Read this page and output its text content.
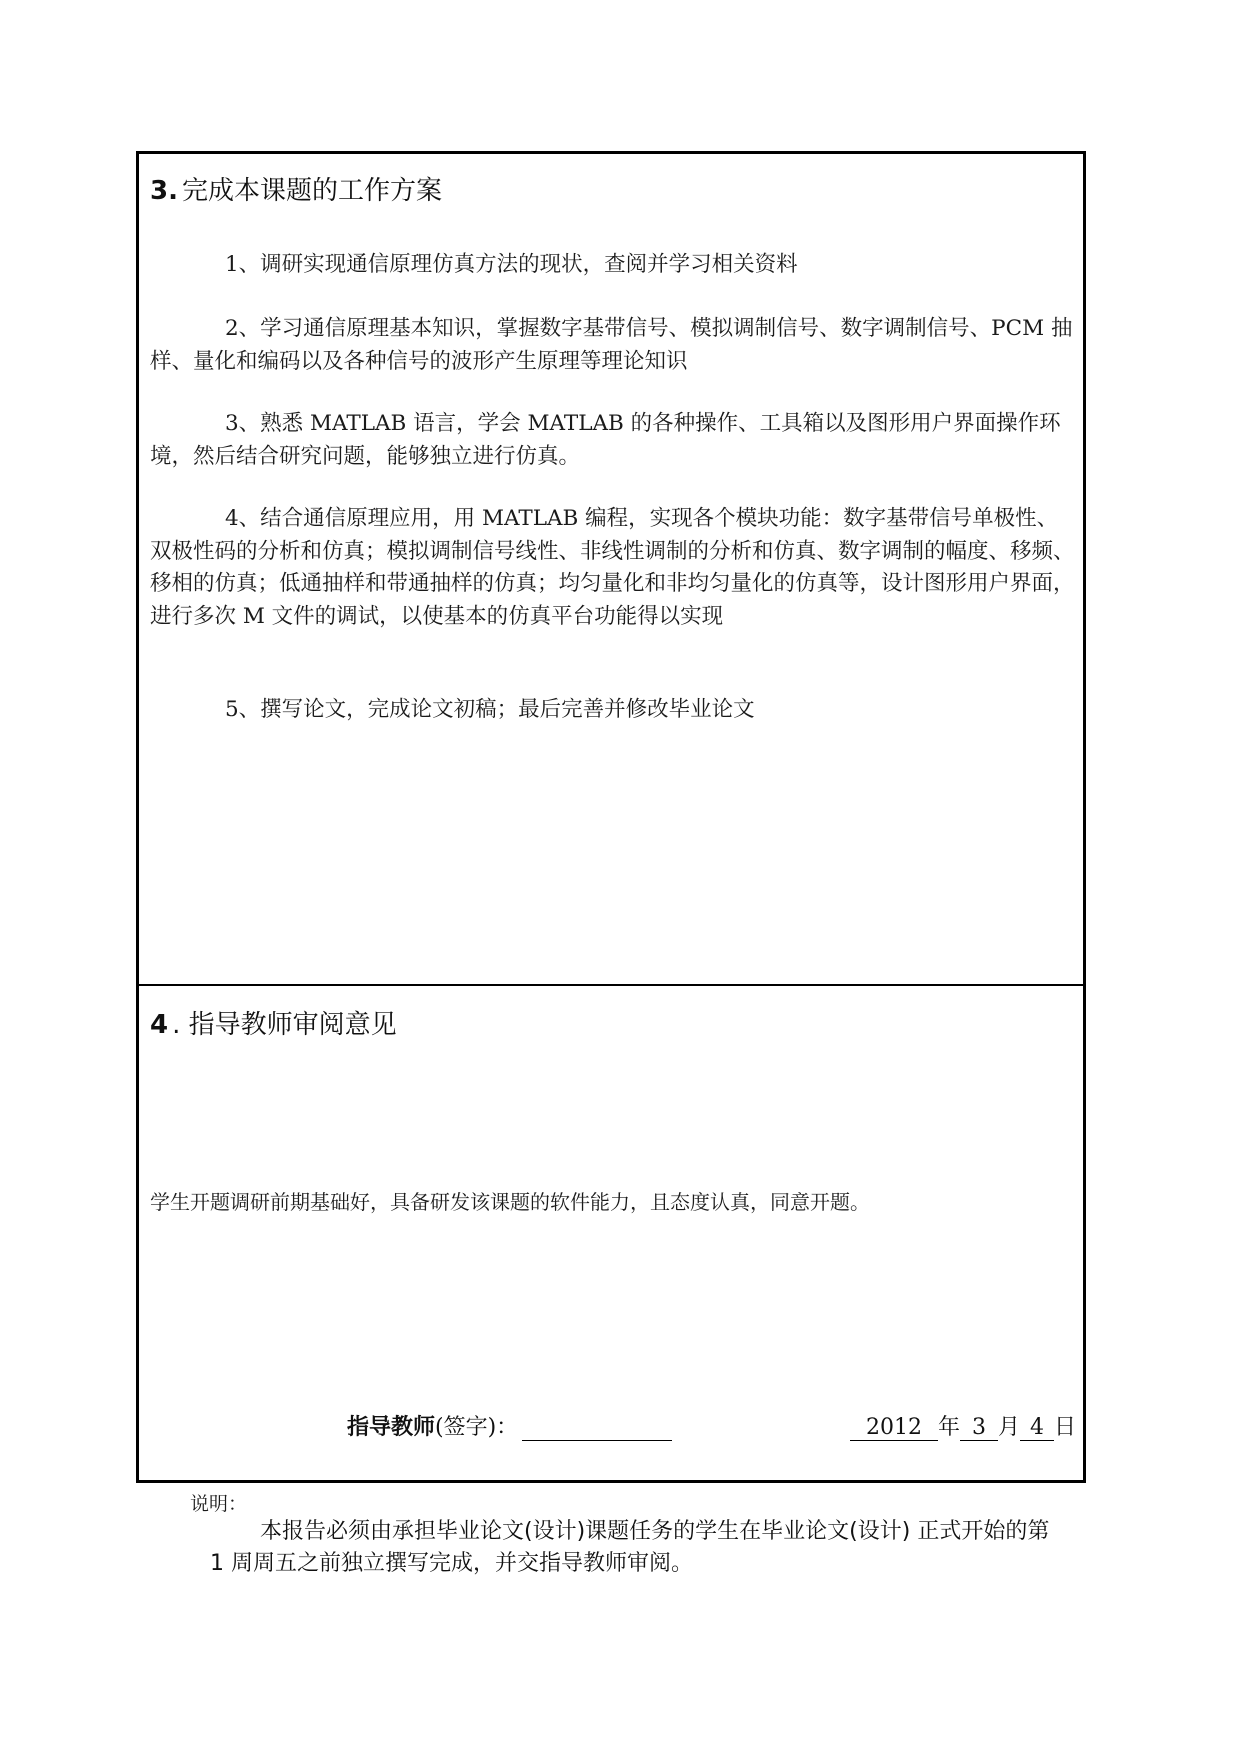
3. 完成本课题的工作方案

1、调研实现通信原理仿真方法的现状，查阅并学习相关资料

2、学习通信原理基本知识，掌握数字基带信号、模拟调制信号、数字调制信号、PCM 抽样、量化和编码以及各种信号的波形产生原理等理论知识

3、熟悉 MATLAB 语言，学会 MATLAB 的各种操作、工具箱以及图形用户界面操作环境，然后结合研究问题，能够独立进行仿真。

4、结合通信原理应用，用 MATLAB 编程，实现各个模块功能：数字基带信号单极性、双极性码的分析和仿真；模拟调制信号线性、非线性调制的分析和仿真、数字调制的幅度、移频、移相的仿真；低通抽样和带通抽样的仿真；均匀量化和非均匀量化的仿真等，设计图形用户界面，进行多次 M 文件的调试，以使基本的仿真平台功能得以实现

5、撰写论文，完成论文初稿；最后完善并修改毕业论文

4 . 指导教师审阅意见
学生开题调研前期基础好，具备研发该课题的软件能力，且态度认真，同意开题。
指导教师(签字)：	2012 年 3 月 4 日
说明：

本报告必须由承担毕业论文(设计)课题任务的学生在毕业论文(设计) 正式开始的第 1 周周五之前独立撰写完成，并交指导教师审阅。
